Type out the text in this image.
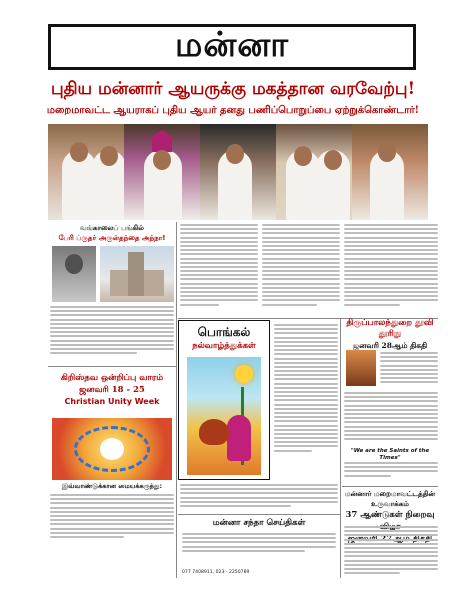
மன்னா
புதிய மன்னார் ஆயருக்கு மகத்தான வரவேற்பு!
மறைமாவட்ட ஆயராகப் புதிய ஆயர் தனது பணிப்பொறுப்பை ஏற்றுக்கொண்டார்!
வங்காலைப் பங்கில்
பேரி ப்ருதர் அருள்தந்தை அந்நா!
கிறிஸ்தவ ஒன்றிப்பு வாரம்
ஜனவரி 18 - 25
Christian Unity Week
இவ்வாண்டுக்கான மையக்கருத்து:
பொங்கல்
நல்வாழ்த்துக்கள்
திருப்பாலந்துறை தூவி தூரிநு
ஜனவரி 28ஆம் திகதி
"We are the Saints of the Times"
மன்னார் மறைமாவட்டத்தின் உருவாக்கம்
37 ஆண்டுகள் நிறைவு
மன்னா சந்தா செய்திகள்
077 7408911, 023 - 2250789
